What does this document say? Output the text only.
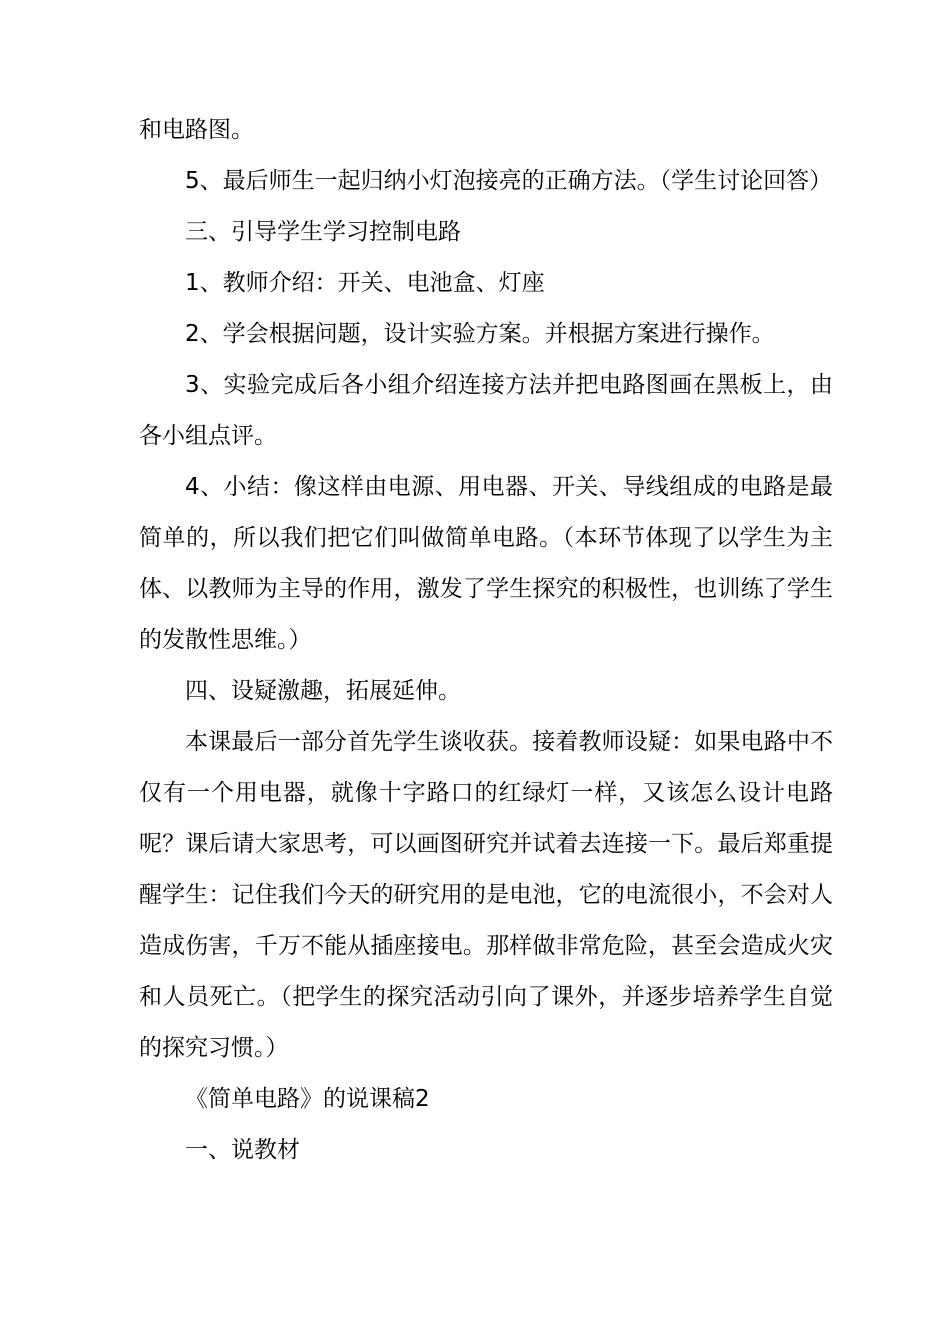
和电路图。

5、最后师生一起归纳小灯泡接亮的正确方法。（学生讨论回答）

三、引导学生学习控制电路

1、教师介绍：开关、电池盒、灯座

2、学会根据问题，设计实验方案。并根据方案进行操作。

3、实验完成后各小组介绍连接方法并把电路图画在黑板上，由各小组点评。

4、小结：像这样由电源、用电器、开关、导线组成的电路是最简单的，所以我们把它们叫做简单电路。（本环节体现了以学生为主体、以教师为主导的作用，激发了学生探究的积极性，也训练了学生的发散性思维。）

四、设疑激趣，拓展延伸。

本课最后一部分首先学生谈收获。接着教师设疑：如果电路中不仅有一个用电器，就像十字路口的红绿灯一样，又该怎么设计电路呢？课后请大家思考，可以画图研究并试着去连接一下。最后郑重提醒学生：记住我们今天的研究用的是电池，它的电流很小，不会对人造成伤害，千万不能从插座接电。那样做非常危险，甚至会造成火灾和人员死亡。（把学生的探究活动引向了课外，并逐步培养学生自觉的探究习惯。）

《简单电路》的说课稿2

一、说教材
